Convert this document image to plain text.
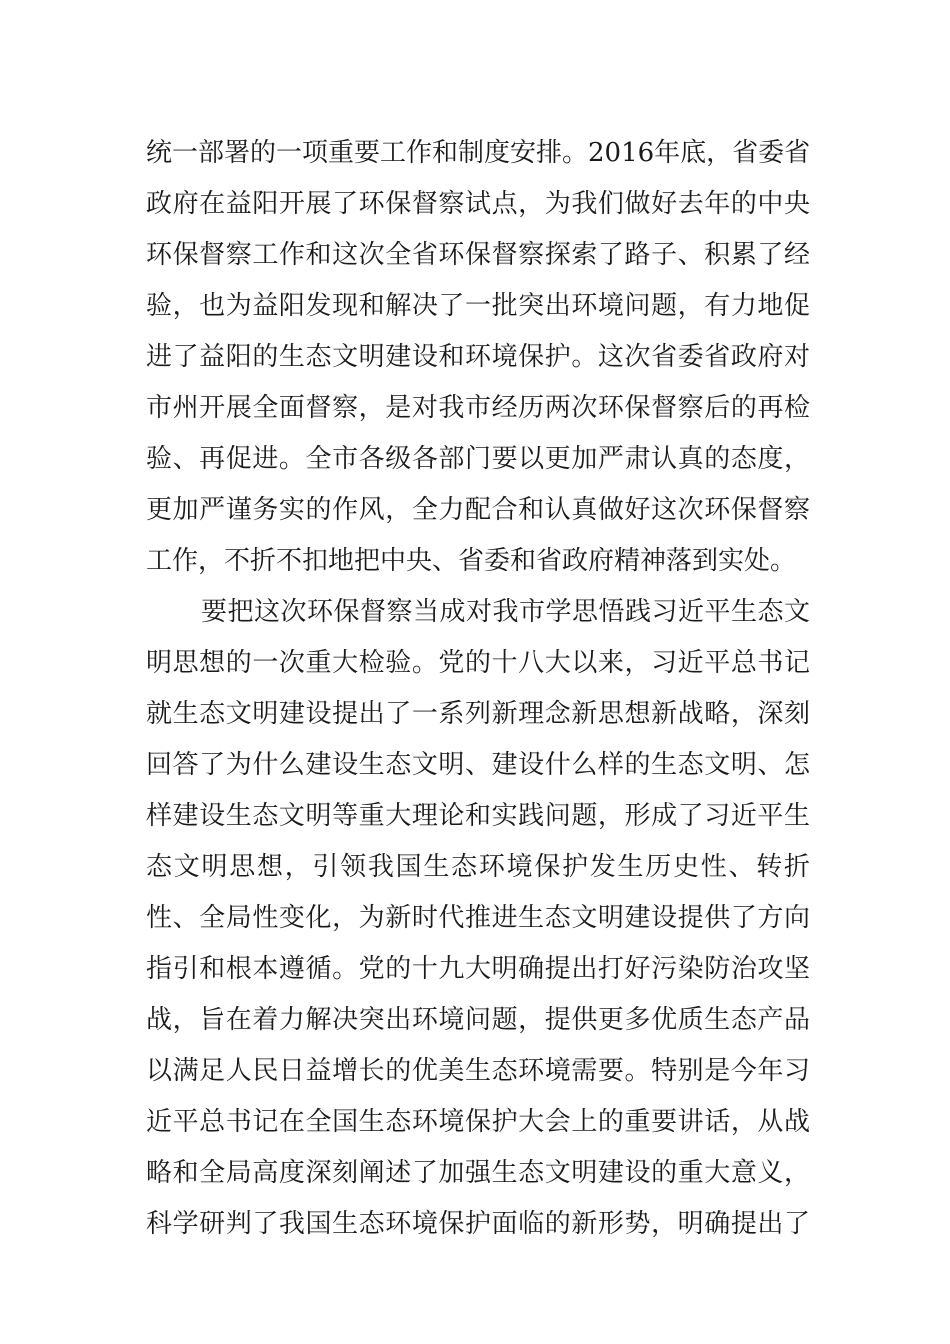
统一部署的一项重要工作和制度安排。2016年底，省委省
政府在益阳开展了环保督察试点，为我们做好去年的中央
环保督察工作和这次全省环保督察探索了路子、积累了经
验，也为益阳发现和解决了一批突出环境问题，有力地促
进了益阳的生态文明建设和环境保护。这次省委省政府对
市州开展全面督察，是对我市经历两次环保督察后的再检
验、再促进。全市各级各部门要以更加严肃认真的态度，
更加严谨务实的作风，全力配合和认真做好这次环保督察
工作，不折不扣地把中央、省委和省政府精神落到实处。
要把这次环保督察当成对我市学思悟践习近平生态文
明思想的一次重大检验。党的十八大以来，习近平总书记
就生态文明建设提出了一系列新理念新思想新战略，深刻
回答了为什么建设生态文明、建设什么样的生态文明、怎
样建设生态文明等重大理论和实践问题，形成了习近平生
态文明思想，引领我国生态环境保护发生历史性、转折
性、全局性变化，为新时代推进生态文明建设提供了方向
指引和根本遵循。党的十九大明确提出打好污染防治攻坚
战，旨在着力解决突出环境问题，提供更多优质生态产品
以满足人民日益增长的优美生态环境需要。特别是今年习
近平总书记在全国生态环境保护大会上的重要讲话，从战
略和全局高度深刻阐述了加强生态文明建设的重大意义，
科学研判了我国生态环境保护面临的新形势，明确提出了
